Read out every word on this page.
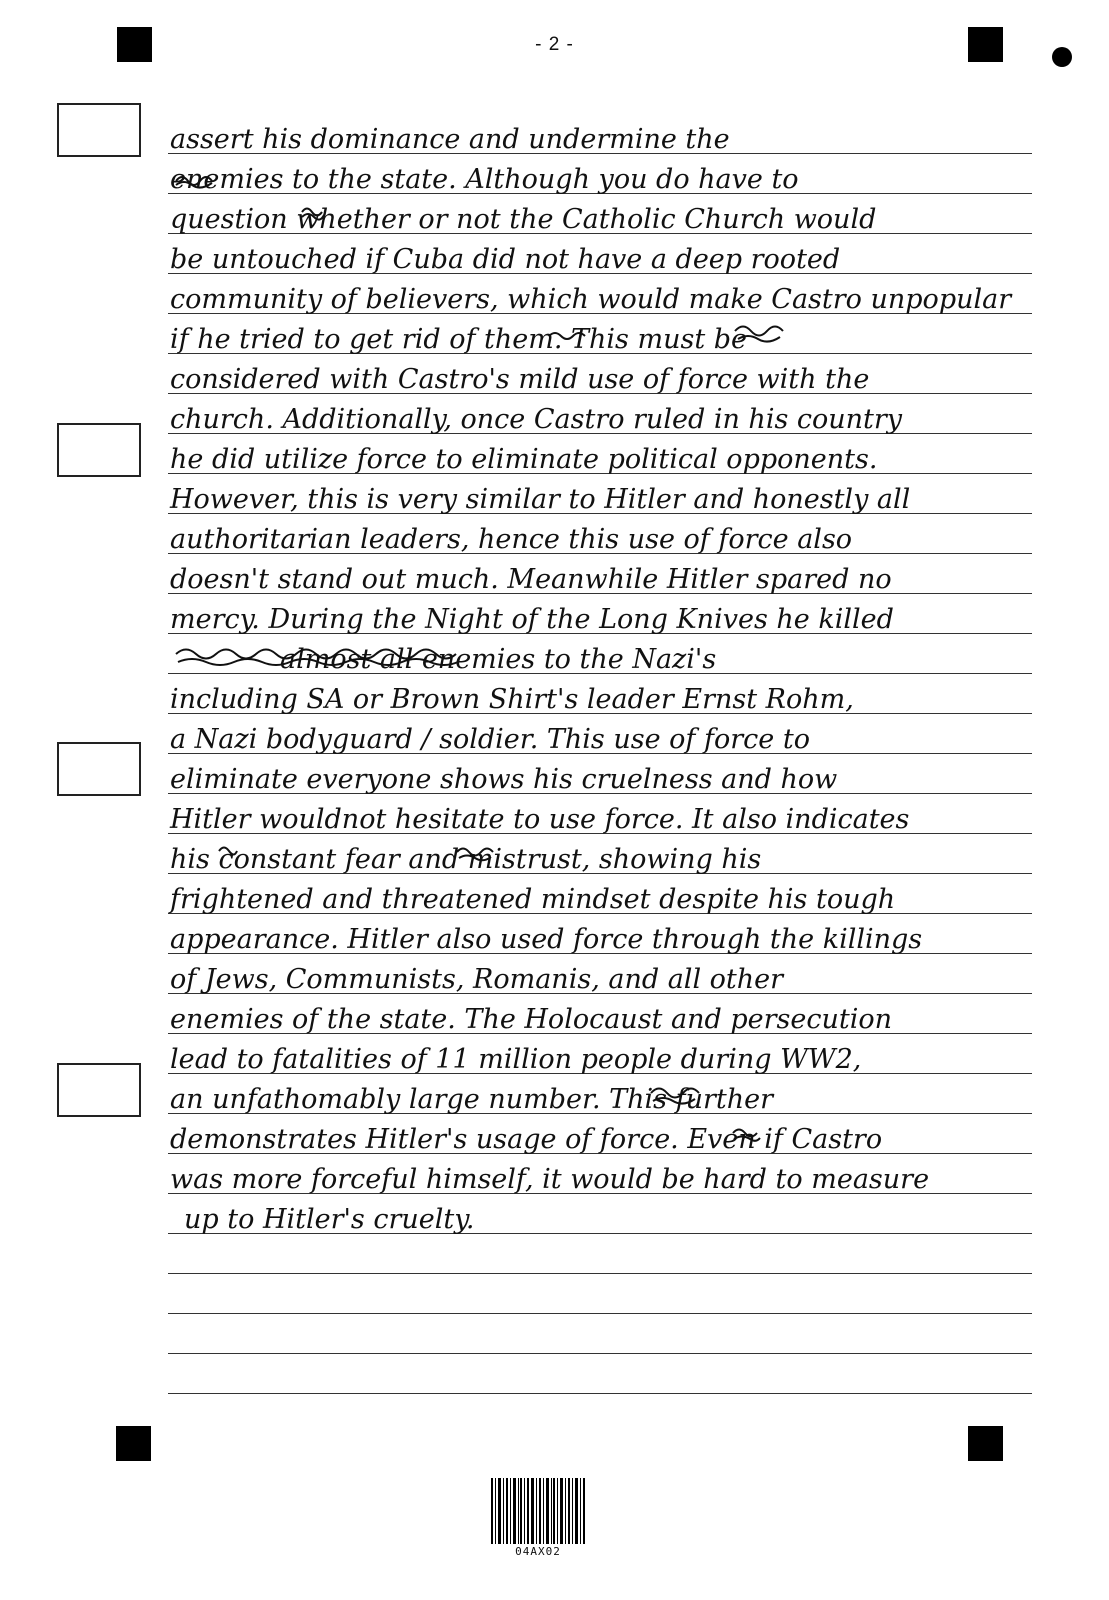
- 2 -
assert his dominance and undermine the
enemies to the state. Although you do have to
question whether or not the Catholic Church would
be untouched if Cuba did not have a deep rooted
community of believers, which would make Castro unpopular
if he tried to get rid of them. This must be
considered with Castro's mild use of force with the
church. Additionally, once Castro ruled in his country
he did utilize force to eliminate political opponents.
However, this is very similar to Hitler and honestly all
authoritarian leaders, hence this use of force also
doesn't stand out much. Meanwhile Hitler spared no
mercy. During the Night of the Long Knives he killed
almost all enemies to the Nazi's
including SA or Brown Shirt's leader Ernst Rohm,
a Nazi bodyguard / soldier. This use of force to
eliminate everyone shows his cruelness and how
Hitler wouldnot hesitate to use force. It also indicates
his constant fear and mistrust, showing his
frightened and threatened mindset despite his tough
appearance. Hitler also used force through the killings
of Jews, Communists, Romanis, and all other
enemies of the state. The Holocaust and persecution
lead to fatalities of 11 million people during WW2,
an unfathomably large number. This further
demonstrates Hitler's usage of force. Even if Castro
was more forceful himself, it would be hard to measure
up to Hitler's cruelty.
04AX02
